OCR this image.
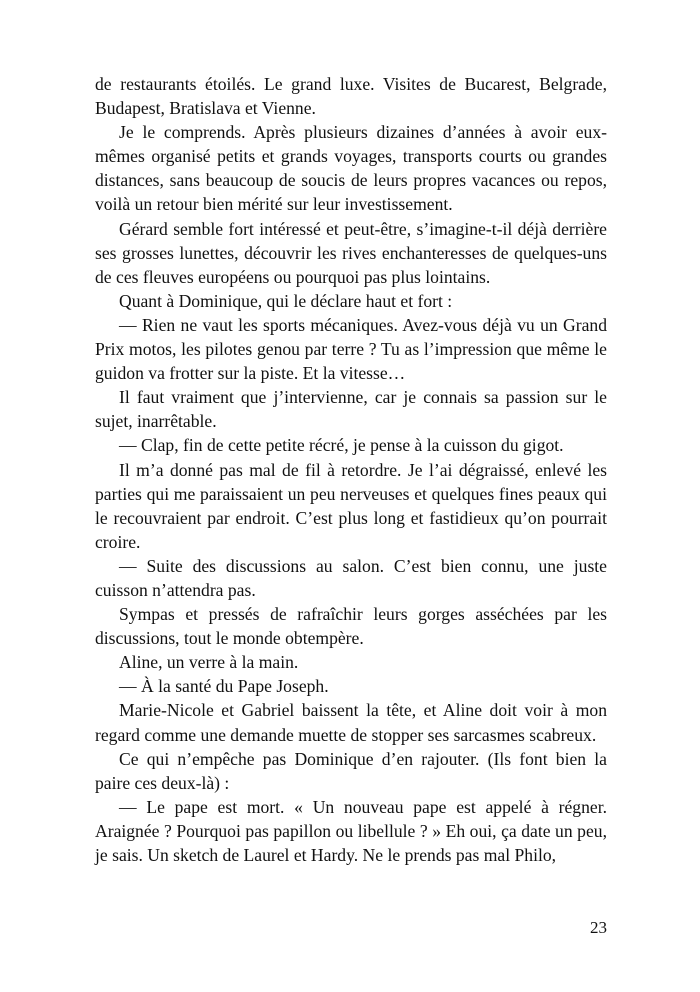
de restaurants étoilés. Le grand luxe. Visites de Bucarest, Belgrade, Budapest, Bratislava et Vienne.

Je le comprends. Après plusieurs dizaines d’années à avoir eux-mêmes organisé petits et grands voyages, transports courts ou grandes distances, sans beaucoup de soucis de leurs propres vacances ou repos, voilà un retour bien mérité sur leur investissement.

Gérard semble fort intéressé et peut-être, s’imagine-t-il déjà derrière ses grosses lunettes, découvrir les rives enchanteresses de quelques-uns de ces fleuves européens ou pourquoi pas plus lointains.

Quant à Dominique, qui le déclare haut et fort :

— Rien ne vaut les sports mécaniques. Avez-vous déjà vu un Grand Prix motos, les pilotes genou par terre ? Tu as l’impression que même le guidon va frotter sur la piste. Et la vitesse…

Il faut vraiment que j’intervienne, car je connais sa passion sur le sujet, inarrêtable.

— Clap, fin de cette petite récré, je pense à la cuisson du gigot.

Il m’a donné pas mal de fil à retordre. Je l’ai dégraissé, enlevé les parties qui me paraissaient un peu nerveuses et quelques fines peaux qui le recouvraient par endroit. C’est plus long et fastidieux qu’on pourrait croire.

— Suite des discussions au salon. C’est bien connu, une juste cuisson n’attendra pas.

Sympas et pressés de rafraîchir leurs gorges asséchées par les discussions, tout le monde obtempère.

Aline, un verre à la main.

— À la santé du Pape Joseph.

Marie-Nicole et Gabriel baissent la tête, et Aline doit voir à mon regard comme une demande muette de stopper ses sarcasmes scabreux.

Ce qui n’empêche pas Dominique d’en rajouter. (Ils font bien la paire ces deux-là) :

— Le pape est mort. « Un nouveau pape est appelé à régner. Araignée ? Pourquoi pas papillon ou libellule ? » Eh oui, ça date un peu, je sais. Un sketch de Laurel et Hardy. Ne le prends pas mal Philo,

23
